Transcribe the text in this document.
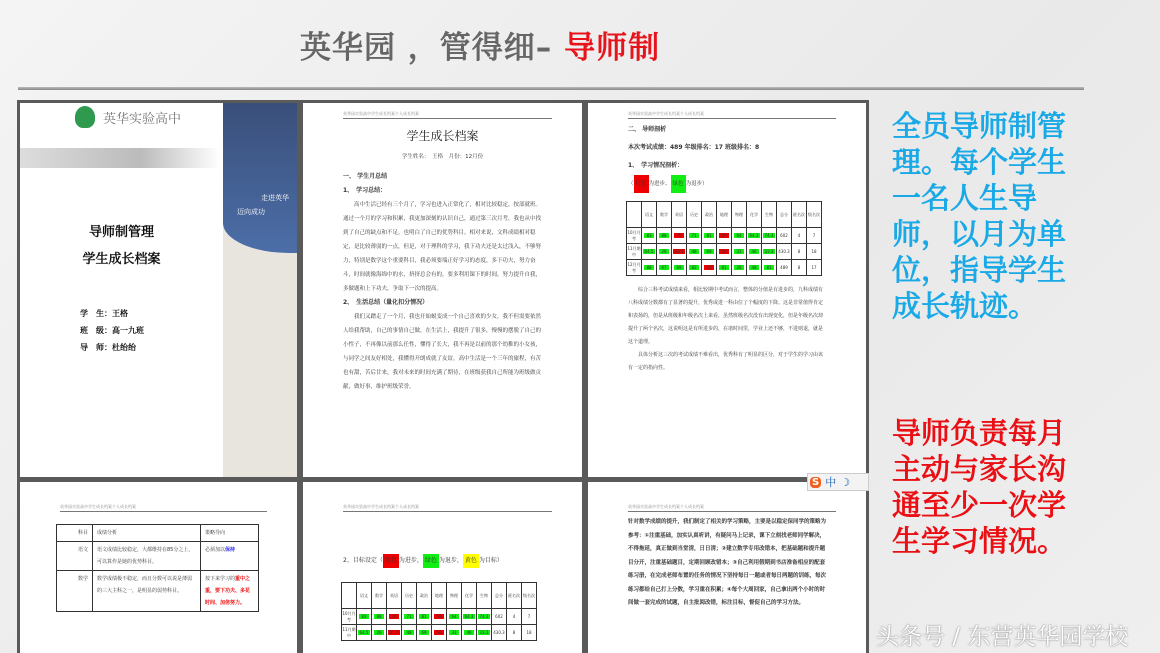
英华园 ，管得细– 导师制
英华实验高中
走进英华
迈向成功
导师制管理
学生成长档案
学　生：王格
班　级：高一九班
导　师：杜绐绐
英华园实验高中学生成长档案个人成长档案
学生成长档案
学生姓名：　王格　月份：12月份
一、 学生月总结
1、　学习总结：
高中生活已经有三个月了，学习也进入正常化了，相对比较稳定，按部就班。通过一个月的学习和积累，我更加深刻的认识自己，通过第三次月考，我也从中找到了自己的缺点和不足，也明白了自己的优势科目。相对来说，文科成绩相对稳定，是比较薄弱的一点，但是，对于理科的学习，我下功夫还是太过浅入，不够努力，特别是数学这个重要科目，我必须要端正好学习的态度，多下功夫，努力奋斗，时间就像海绵中的水，挤挤总会有的，要多利用课下的时间，努力提升自我，多做题和上下功夫，争取下一次的提高。
2、　生活总结（量化扣分情况）
我们又蹭走了一个月，我也开始蜕变成一个自己喜欢的少女，我不但需要依然人给我帮助，自己的事情自己做，在生活上，我提升了很多，慢慢的摆脱了自己的小性子，不再像以前那么任性，懂得了长大，我不再是以前的那个幼稚的小女孩，与同学之间友好相处，我懂得开朗成就了友谊。高中生活是一个三年的旅程，有苦也有甜，苦后甘来，我对未来的时间充满了期待，在班级获我自己所能为班级做贡献，做好事，维护班级荣誉。
英华园实验高中学生成长档案个人成长档案
二、 导师剖析
本次考试成绩：489 年级排名：17 班级排名：8
1、　学习情况剖析：
（ 红色 为进步、 绿色 为退步）
	语文	数学	英语	历史	政治	地理	物理	化学	生物	总分	班名次	级名次
10月月考	83	88	70	71	81	59	64	64.3	74.3	602	4	7
11月期中	64.5	26	61.5	48	69	50	33	46	33.3	430.3	8	18
12月月考	88	67	69	82	57	81	28	48	81	489	8	17
综合三科考试成绩来看，相比较期中考试而言，整体的分值是有进步的，九科成绩有八科成绩分数都有了显著的提升，优秀或进一科由位了个幅度的下降。这是非常值得肯定和表扬的，但是从班级和年级名次上来看，虽然班级名次没有出现变化，但是年级名次却提升了两个名次，这说明这是有所进步的，在诸时间里，学业上还不够，不进则退，就是这个道理。
具体分析这三次的考试成绩不难看出，优秀科有了明显的区分，对于学生的学习由该有一定的指向性。
英华园实验高中学生成长档案个人成长档案
科目	成绩分析	策略导向
语文	语文成绩比较稳定，大都维持在85分之上，可以算作是她的优势科目。	必须加以保持
数学	数学成绩极不稳定，而且分数可以说是薄弱的三大主科之一，是明显的弱势科目。	按下来学习的重中之重，要下功夫、多花时间、加倍努力。
英华园实验高中学生成长档案个人成长档案
2、目标设定（ 红色 为进步， 绿色 为退步， 黄色 为目标）
	语文	数学	英语	历史	政治	地理	物理	化学	生物	总分	班名次	级名次
10月月考	83	88	70	71	81	59	64	64.3	74.3	602	4	7
11月期中	64.5	26	61.5	48	69	50	33	46	33.3	430.3	8	18
英华园实验高中学生成长档案个人成长档案
针对数学成绩的提升，我们制定了相关的学习策略，主要是以稳定保同学的策略为参考：①注重基础，加实认真听讲，有疑问马上记录，课下立刻找老师同学解决，不得拖延，真正做到当堂清，日日清；②建立数学专用改错本，把基础题和提升题目分开，注重基础题目，定期回顾改错本；③自己利用假期到书店准备相应的配套练习册，在完成老师布置的任务的情况下坚持每日一题或者每日两题的训练，每次练习都给自己打上分数，学习重在积累；④每个大周回家，自己拿出两个小时的时间做一套完成的试题，自主批阅改错，标注目标，督促自己的学习方法。
S 中 ☽
全员导师制管理。每个学生一名人生导师，以月为单位，指导学生成长轨迹。
导师负责每月主动与家长沟通至少一次学生学习情况。
头条号 / 东营英华园学校
